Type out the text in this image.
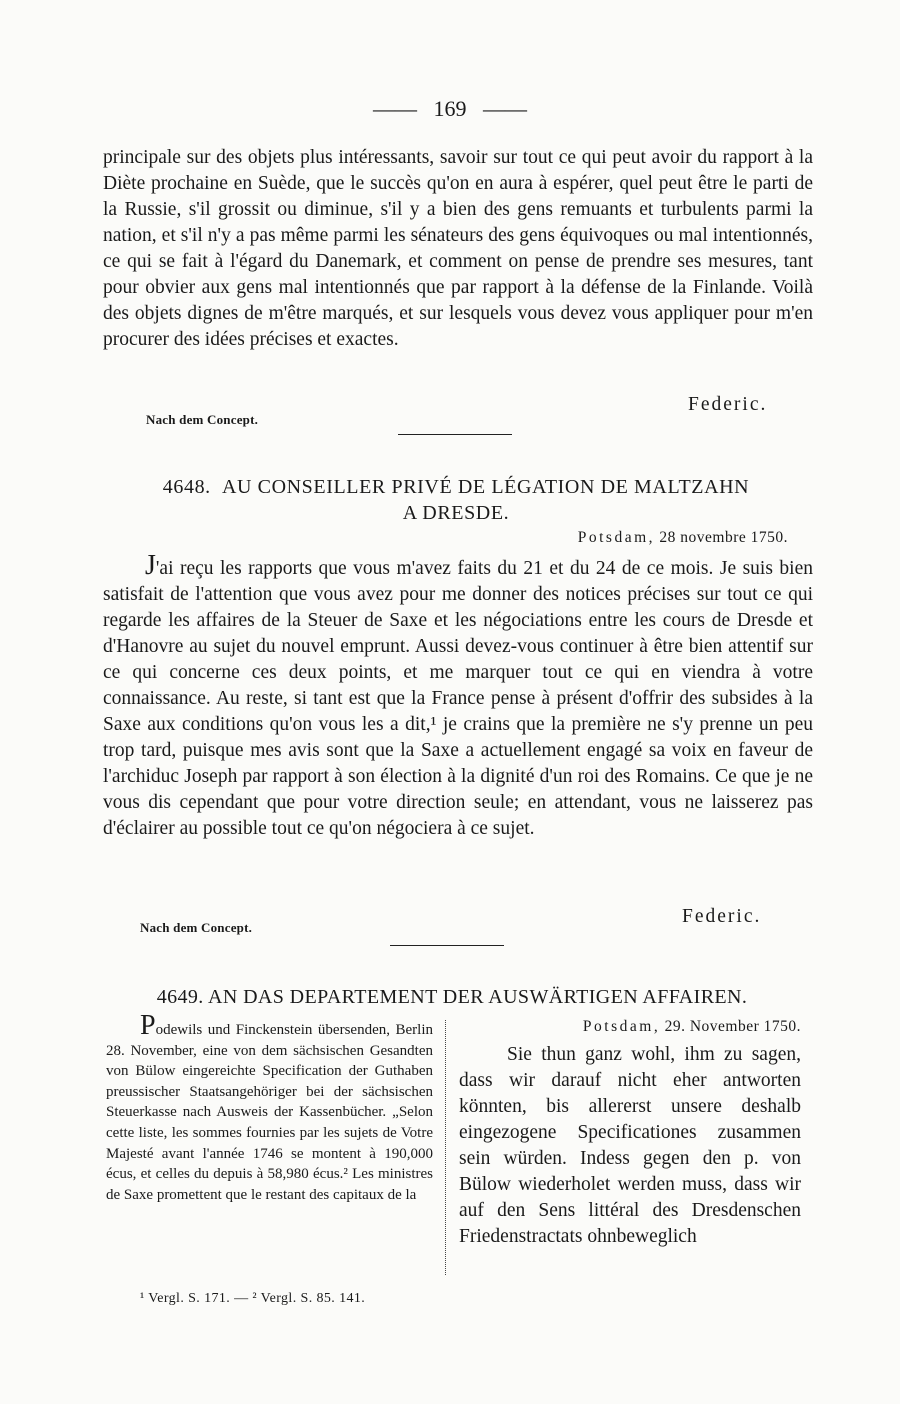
—— 169 ——

principale sur des objets plus intéressants, savoir sur tout ce qui peut avoir du rapport à la Diète prochaine en Suède, que le succès qu'on en aura à espérer, quel peut être le parti de la Russie, s'il grossit ou diminue, s'il y a bien des gens remuants et turbulents parmi la nation, et s'il n'y a pas même parmi les sénateurs des gens équivoques ou mal intentionnés, ce qui se fait à l'égard du Danemark, et comment on pense de prendre ses mesures, tant pour obvier aux gens mal intentionnés que par rapport à la défense de la Finlande. Voilà des objets dignes de m'être marqués, et sur lesquels vous devez vous appliquer pour m'en procurer des idées précises et exactes.

Federic.
Nach dem Concept.
4648. AU CONSEILLER PRIVÉ DE LÉGATION DE MALTZAHN
A DRESDE.
Potsdam, 28 novembre 1750.

J'ai reçu les rapports que vous m'avez faits du 21 et du 24 de ce mois. Je suis bien satisfait de l'attention que vous avez pour me donner des notices précises sur tout ce qui regarde les affaires de la Steuer de Saxe et les négociations entre les cours de Dresde et d'Hanovre au sujet du nouvel emprunt. Aussi devez-vous continuer à être bien attentif sur ce qui concerne ces deux points, et me marquer tout ce qui en viendra à votre connaissance. Au reste, si tant est que la France pense à présent d'offrir des subsides à la Saxe aux conditions qu'on vous les a dit,¹ je crains que la première ne s'y prenne un peu trop tard, puisque mes avis sont que la Saxe a actuellement engagé sa voix en faveur de l'archiduc Joseph par rapport à son élection à la dignité d'un roi des Romains. Ce que je ne vous dis cependant que pour votre direction seule; en attendant, vous ne laisserez pas d'éclairer au possible tout ce qu'on négociera à ce sujet.

Federic.
Nach dem Concept.
4649. AN DAS DEPARTEMENT DER AUSWÄRTIGEN AFFAIREN.

Podewils und Finckenstein übersenden, Berlin 28. November, eine von dem sächsischen Gesandten von Bülow eingereichte Specification der Guthaben preussischer Staatsangehöriger bei der sächsischen Steuerkasse nach Ausweis der Kassenbücher. „Selon cette liste, les sommes fournies par les sujets de Votre Majesté avant l'année 1746 se montent à 190,000 écus, et celles du depuis à 58,980 écus.² Les ministres de Saxe promettent que le restant des capitaux de la

Potsdam, 29. November 1750.

Sie thun ganz wohl, ihm zu sagen, dass wir darauf nicht eher antworten könnten, bis allererst unsere deshalb eingezogene Specificationes zusammen sein würden. Indess gegen den p. von Bülow wiederholet werden muss, dass wir auf den Sens littéral des Dresdenschen Friedenstractats ohnbeweglich

¹ Vergl. S. 171. — ² Vergl. S. 85. 141.
